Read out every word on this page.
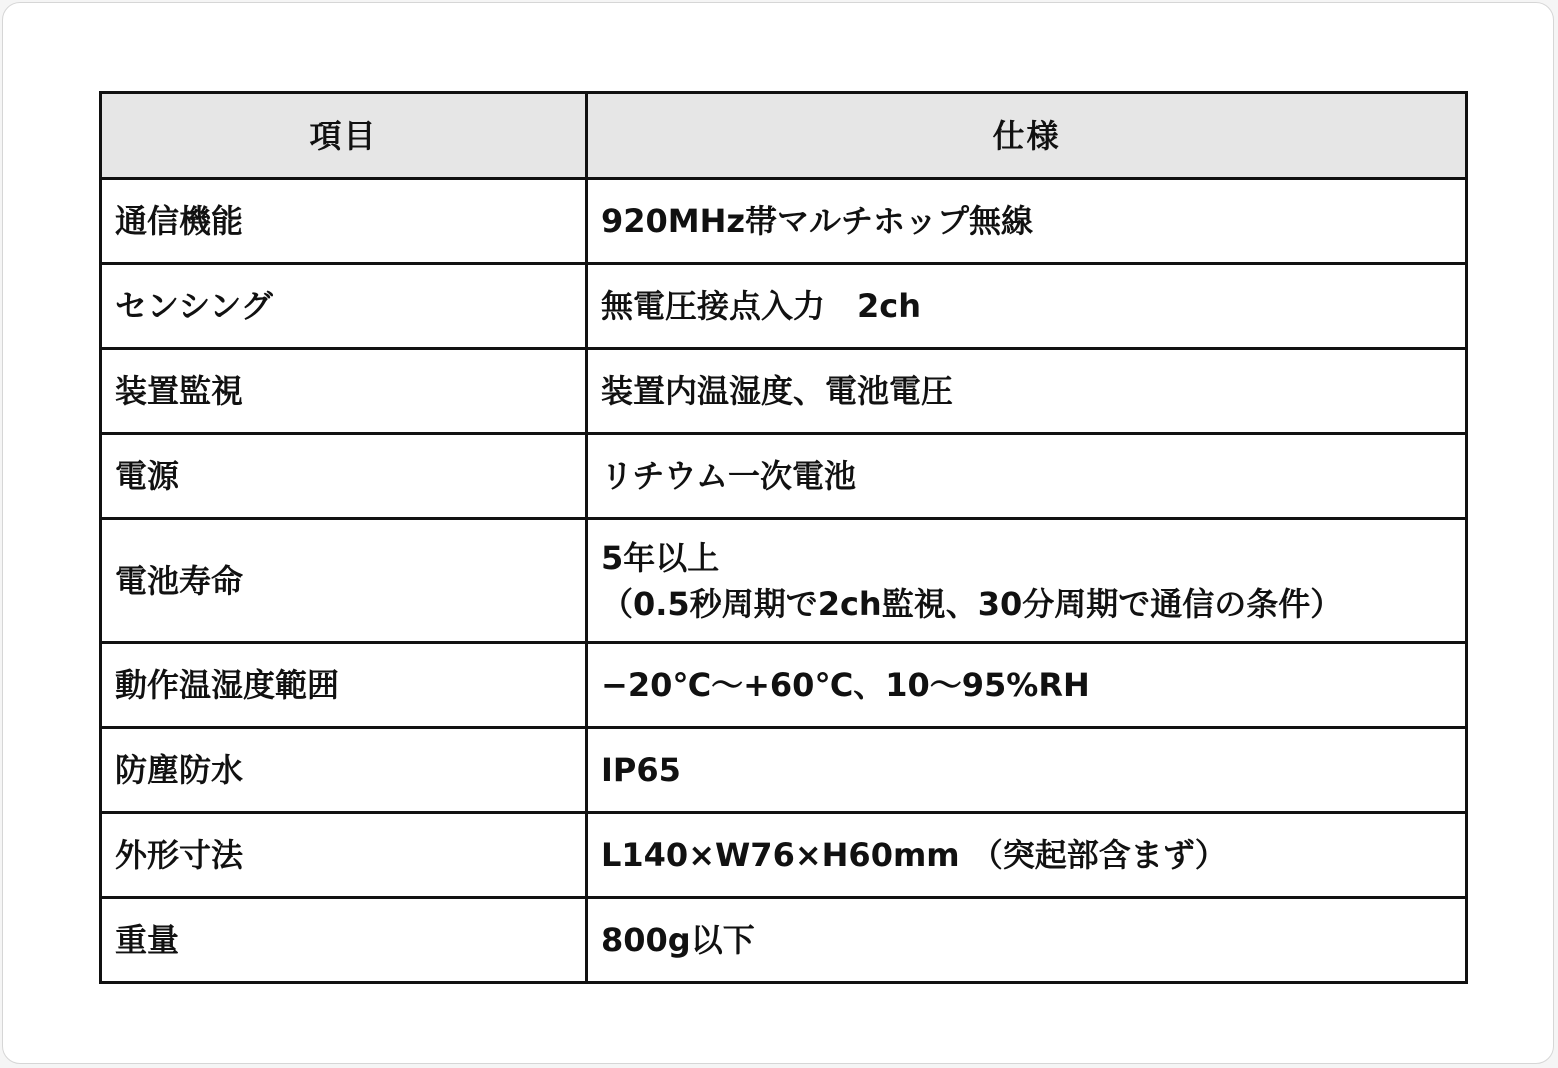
項目	仕様
通信機能	920MHz帯マルチホップ無線
センシング	無電圧接点入力　2ch
装置監視	装置内温湿度、電池電圧
電源	リチウム一次電池
電池寿命	5年以上
（0.5秒周期で2ch監視、30分周期で通信の条件）

動作温湿度範囲	−20℃～+60℃、10～95%RH
防塵防水	IP65
外形寸法	L140×W76×H60mm （突起部含まず）
重量	800g以下
